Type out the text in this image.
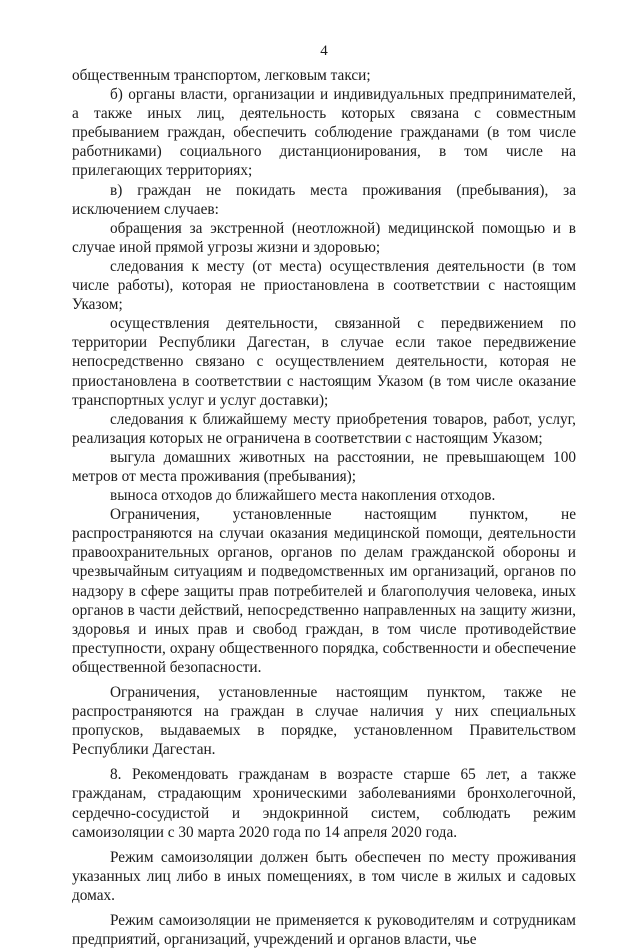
4

общественным транспортом, легковым такси;

б) органы власти, организации и индивидуальных предпринимателей, а также иных лиц, деятельность которых связана с совместным пребыванием граждан, обеспечить соблюдение гражданами (в том числе работниками) социального дистанционирования, в том числе на прилегающих территориях;

в) граждан не покидать места проживания (пребывания), за исключением случаев:

обращения за экстренной (неотложной) медицинской помощью и в случае иной прямой угрозы жизни и здоровью;

следования к месту (от места) осуществления деятельности (в том числе работы), которая не приостановлена в соответствии с настоящим Указом;

осуществления деятельности, связанной с передвижением по территории Республики Дагестан, в случае если такое передвижение непосредственно связано с осуществлением деятельности, которая не приостановлена в соответствии с настоящим Указом (в том числе оказание транспортных услуг и услуг доставки);

следования к ближайшему месту приобретения товаров, работ, услуг, реализация которых не ограничена в соответствии с настоящим Указом;

выгула домашних животных на расстоянии, не превышающем 100 метров от места проживания (пребывания);

выноса отходов до ближайшего места накопления отходов.

Ограничения, установленные настоящим пунктом, не распространяются на случаи оказания медицинской помощи, деятельности правоохранительных органов, органов по делам гражданской обороны и чрезвычайным ситуациям и подведомственных им организаций, органов по надзору в сфере защиты прав потребителей и благополучия человека, иных органов в части действий, непосредственно направленных на защиту жизни, здоровья и иных прав и свобод граждан, в том числе противодействие преступности, охрану общественного порядка, собственности и обеспечение общественной безопасности.

Ограничения, установленные настоящим пунктом, также не распространяются на граждан в случае наличия у них специальных пропусков, выдаваемых в порядке, установленном Правительством Республики Дагестан.

8. Рекомендовать гражданам в возрасте старше 65 лет, а также гражданам, страдающим хроническими заболеваниями бронхолегочной, сердечно-сосудистой и эндокринной систем, соблюдать режим самоизоляции с 30 марта 2020 года по 14 апреля 2020 года.

Режим самоизоляции должен быть обеспечен по месту проживания указанных лиц либо в иных помещениях, в том числе в жилых и садовых домах.

Режим самоизоляции не применяется к руководителям и сотрудникам предприятий, организаций, учреждений и органов власти, чье
